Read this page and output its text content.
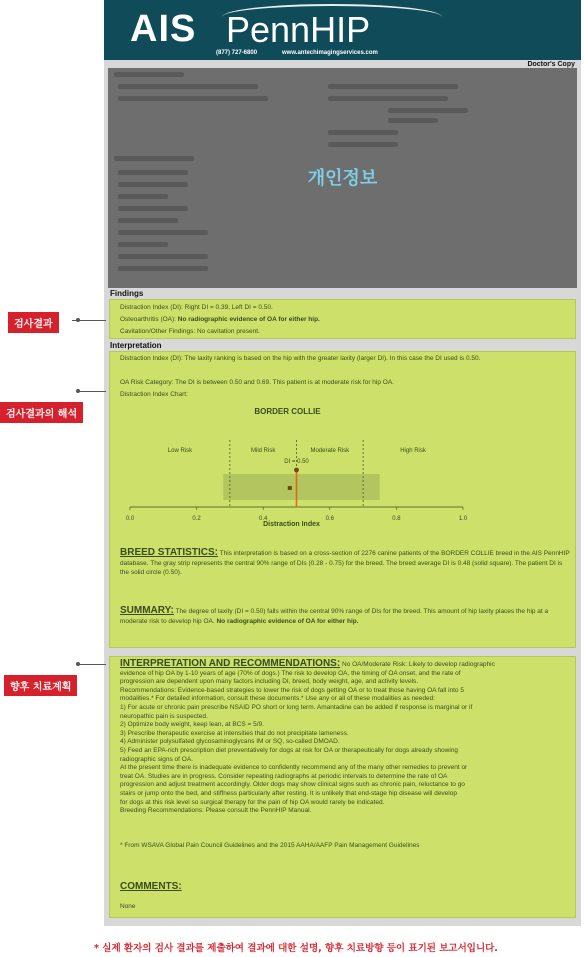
AIS PennHIP
(877) 727-6800	www.antechimagingservices.com
Doctor's Copy
개인정보
Findings
Distraction Index (DI): Right DI = 0.39, Left DI = 0.50.
Osteoarthritis (OA): No radiographic evidence of OA for either hip.
Cavitation/Other Findings: No cavitation present.
Interpretation
Distraction Index (DI): The laxity ranking is based on the hip with the greater laxity (larger DI). In this case the DI used is 0.50.
OA Risk Category: The DI is between 0.50 and 0.69. This patient is at moderate risk for hip OA.
Distraction Index Chart:
BORDER COLLIE
Low Risk	Mild Risk	Moderate Risk	High Risk
0.0	0.2	0.4	0.6	0.8	1.0
Distraction Index
DI = 0.50
BREED STATISTICS: This interpretation is based on a cross-section of 2276 canine patients of the BORDER COLLIE breed in the AIS PennHIP database. The gray strip represents the central 90% range of DIs (0.28 - 0.75) for the breed. The breed average DI is 0.48 (solid square). The patient DI is the solid circle (0.50).
SUMMARY: The degree of laxity (DI = 0.50) falls within the central 90% range of DIs for the breed. This amount of hip laxity places the hip at a moderate risk to develop hip OA. No radiographic evidence of OA for either hip.
INTERPRETATION AND RECOMMENDATIONS: No OA/Moderate Risk: Likely to develop radiographic
evidence of hip OA by 1-10 years of age (70% of dogs.) The risk to develop OA, the timing of OA onset, and the rate of
progression are dependent upon many factors including DI, breed, body weight, age, and activity levels.
Recommendations: Evidence-based strategies to lower the risk of dogs getting OA or to treat those having OA fall into 5
modalities.* For detailed information, consult these documents.* Use any or all of these modalities as needed:
1) For acute or chronic pain prescribe NSAID PO short or long term. Amantadine can be added if response is marginal or if
neuropathic pain is suspected.
2) Optimize body weight, keep lean, at BCS = 5/9.
3) Prescribe therapeutic exercise at intensities that do not precipitate lameness.
4) Administer polysulfated glycosaminoglycans IM or SQ, so-called DMOAD.
5) Feed an EPA-rich prescription diet preventatively for dogs at risk for OA or therapeutically for dogs already showing
radiographic signs of OA.
At the present time there is inadequate evidence to confidently recommend any of the many other remedies to prevent or
treat OA. Studies are in progress. Consider repeating radiographs at periodic intervals to determine the rate of OA
progression and adjust treatment accordingly. Older dogs may show clinical signs such as chronic pain, reluctance to go
stairs or jump onto the bed, and stiffness particularly after resting. It is unlikely that end-stage hip disease will develop
for dogs at this risk level so surgical therapy for the pain of hip OA would rarely be indicated.
Breeding Recommendations: Please consult the PennHIP Manual.
* From WSAVA Global Pain Council Guidelines and the 2015 AAHA/AAFP Pain Management Guidelines
COMMENTS:
None
검사결과
검사결과의 해석
향후 치료계획
* 실제 환자의 검사 결과를 제출하여 결과에 대한 설명, 향후 치료방향 등이 표기된 보고서입니다.
